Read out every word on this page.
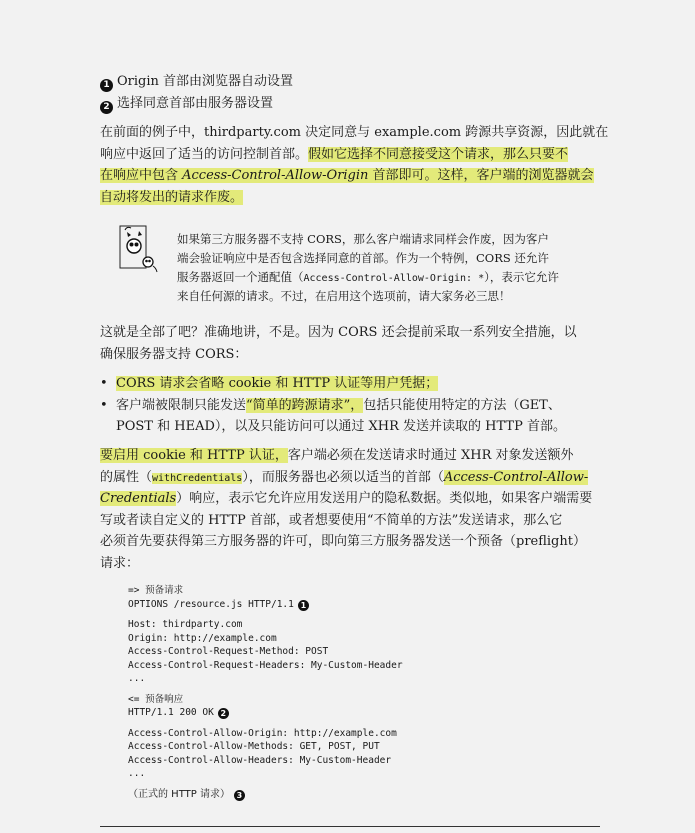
1 Origin 首部由浏览器自动设置
2 选择同意首部由服务器设置
在前面的例子中，thirdparty.com 决定同意与 example.com 跨源共享资源，因此就在
响应中返回了适当的访问控制首部。假如它选择不同意接受这个请求，那么只要不
在响应中包含 Access-Control-Allow-Origin 首部即可。这样，客户端的浏览器就会
自动将发出的请求作废。
如果第三方服务器不支持 CORS，那么客户端请求同样会作废，因为客户
端会验证响应中是否包含选择同意的首部。作为一个特例，CORS 还允许
服务器返回一个通配值（Access-Control-Allow-Origin: *），表示它允许
来自任何源的请求。不过，在启用这个选项前，请大家务必三思！
这就是全部了吧？准确地讲，不是。因为 CORS 还会提前采取一系列安全措施，以
确保服务器支持 CORS：
• CORS 请求会省略 cookie 和 HTTP 认证等用户凭据；
• 客户端被限制只能发送“简单的跨源请求”，包括只能使用特定的方法（GET、
POST 和 HEAD），以及只能访问可以通过 XHR 发送并读取的 HTTP 首部。
要启用 cookie 和 HTTP 认证，客户端必须在发送请求时通过 XHR 对象发送额外
的属性（withCredentials），而服务器也必须以适当的首部（Access-Control-Allow-
Credentials）响应，表示它允许应用发送用户的隐私数据。类似地，如果客户端需要
写或者读自定义的 HTTP 首部，或者想要使用“不简单的方法”发送请求，那么它
必须首先要获得第三方服务器的许可，即向第三方服务器发送一个预备（preflight）
请求：
=> 预备请求
OPTIONS /resource.js HTTP/1.1 1
Host: thirdparty.com
Origin: http://example.com
Access-Control-Request-Method: POST
Access-Control-Request-Headers: My-Custom-Header
...
<= 预备响应
HTTP/1.1 200 OK 2
Access-Control-Allow-Origin: http://example.com
Access-Control-Allow-Methods: GET, POST, PUT
Access-Control-Allow-Headers: My-Custom-Header
...
（正式的 HTTP 请求） 3
